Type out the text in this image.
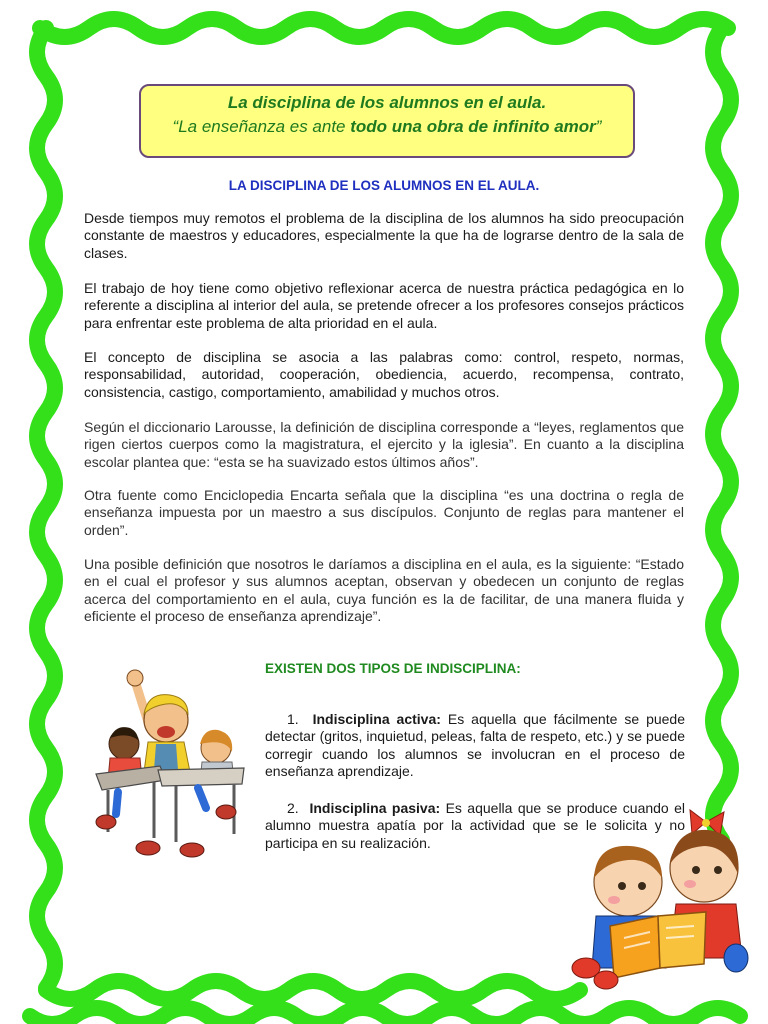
La disciplina de los alumnos en el aula.
“La enseñanza es ante todo una obra de infinito amor”
LA DISCIPLINA DE LOS ALUMNOS EN EL AULA.
Desde tiempos muy remotos el problema de la disciplina de los alumnos ha sido preocupación constante de maestros y educadores, especialmente la que ha de lograrse dentro de la sala de clases.
El trabajo de hoy tiene como objetivo reflexionar acerca de nuestra práctica pedagógica en lo referente a disciplina al interior del aula, se pretende ofrecer a los profesores consejos prácticos para enfrentar este problema de alta prioridad en el aula.
El concepto de disciplina se asocia a las palabras como: control, respeto, normas, responsabilidad, autoridad, cooperación, obediencia, acuerdo, recompensa, contrato, consistencia, castigo, comportamiento, amabilidad y muchos otros.
Según el diccionario Larousse, la definición de disciplina corresponde a “leyes, reglamentos que rigen ciertos cuerpos como la magistratura, el ejercito y la iglesia”. En cuanto a la disciplina escolar plantea que: “esta se ha suavizado estos últimos años”.
Otra fuente como Enciclopedia Encarta señala que la disciplina “es una doctrina o regla de enseñanza impuesta por un maestro a sus discípulos. Conjunto de reglas para mantener el orden”.
Una posible definición que nosotros le daríamos a disciplina en el aula, es la siguiente: “Estado en el cual el profesor y sus alumnos aceptan, observan y obedecen un conjunto de reglas acerca del comportamiento en el aula, cuya función es la de facilitar, de una manera fluida y eficiente el proceso de enseñanza aprendizaje”.
EXISTEN DOS TIPOS DE INDISCIPLINA:
1. Indisciplina activa: Es aquella que fácilmente se puede detectar (gritos, inquietud, peleas, falta de respeto, etc.) y se puede corregir cuando los alumnos se involucran en el proceso de enseñanza aprendizaje.
2. Indisciplina pasiva: Es aquella que se produce cuando el alumno muestra apatía por la actividad que se le solicita y no participa en su realización.
